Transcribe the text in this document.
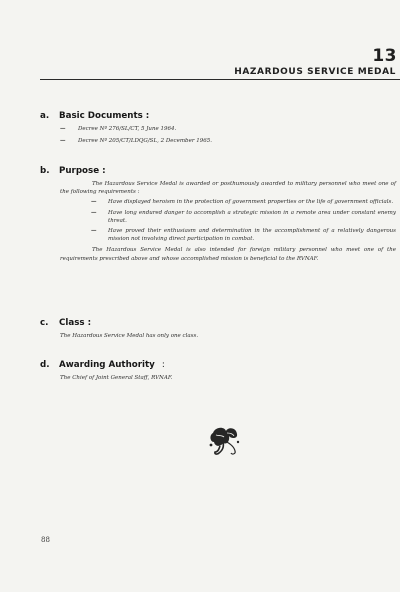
13
HAZARDOUS SERVICE MEDAL
a. Basic Documents :
— Decree Nº 276/SL/CT, 5 June 1964.
— Decree Nº 205/CT/LDQG/SL, 2 December 1965.
b. Purpose :

The Hazardous Service Medal is awarded or posthumously awarded to military personnel who meet one of the following requirements :

— Have displayed heroism in the protection of government properties or the life of government officials.
— Have long endured danger to accomplish a strategic mission in a remote area under constant enemy threat.
— Have proved their enthusiasm and determination in the accomplishment of a relatively dangerous mission not involving direct participation in combat.

The Hazardous Service Medal is also intended for foreign military personnel who meet one of the requirements prescribed above and whose accomplished mission is beneficial to the RVNAF.

c. Class :

The Hazardous Service Medal has only one class.

d. Awarding Authority :

The Chief of Joint General Staff, RVNAF.

88
